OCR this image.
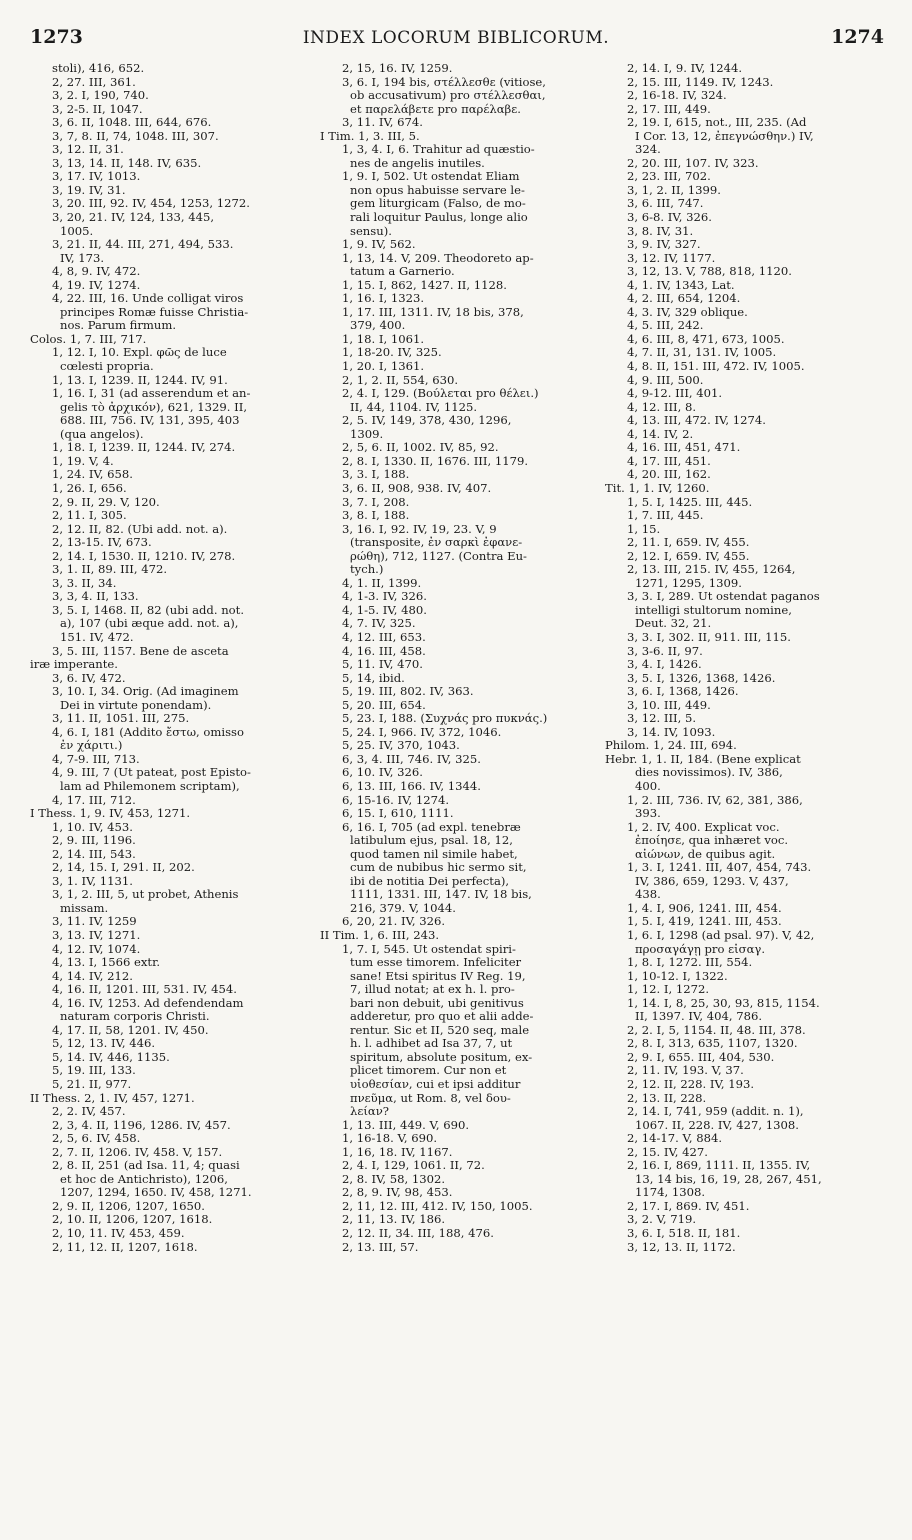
1273	INDEX LOCORUM BIBLICORUM.	1274
stoli), 416, 652.
2, 27. III, 361.
3, 2. I, 190, 740.
3, 2-5. II, 1047.
3, 6. II, 1048. III, 644, 676.
3, 7, 8. II, 74, 1048. III, 307.
3, 12. II, 31.
3, 13, 14. II, 148. IV, 635.
3, 17. IV, 1013.
3, 19. IV, 31.
3, 20. III, 92. IV, 454, 1253, 1272.
3, 20, 21. IV, 124, 133, 445,
1005.
3, 21. II, 44. III, 271, 494, 533.
IV, 173.
4, 8, 9. IV, 472.
4, 19. IV, 1274.
4, 22. III, 16. Unde colligat viros
principes Romæ fuisse Christia-
nos. Parum firmum.
Colos. 1, 7. III, 717.
1, 12. I, 10. Expl. φῶς de luce
cœlesti propria.
1, 13. I, 1239. II, 1244. IV, 91.
1, 16. I, 31 (ad asserendum et an-
gelis τὸ ἀρχικόν), 621, 1329. II,
688. III, 756. IV, 131, 395, 403
(qua angelos).
1, 18. I, 1239. II, 1244. IV, 274.
1, 19. V, 4.
1, 24. IV, 658.
1, 26. I, 656.
2, 9. II, 29. V, 120.
2, 11. I, 305.
2, 12. II, 82. (Ubi add. not. a).
2, 13-15. IV, 673.
2, 14. I, 1530. II, 1210. IV, 278.
3, 1. II, 89. III, 472.
3, 3. II, 34.
3, 3, 4. II, 133.
3, 5. I, 1468. II, 82 (ubi add. not.
a), 107 (ubi æque add. not. a),
151. IV, 472.
3, 5. III, 1157. Bene de asceta
iræ imperante.
3, 6. IV, 472.
3, 10. I, 34. Orig. (Ad imaginem
Dei in virtute ponendam).
3, 11. II, 1051. III, 275.
4, 6. I, 181 (Addito ἔστω, omisso
ἐν χάριτι.)
4, 7-9. III, 713.
4, 9. III, 7 (Ut pateat, post Episto-
lam ad Philemonem scriptam),
4, 17. III, 712.
I Thess. 1, 9. IV, 453, 1271.
1, 10. IV, 453.
2, 9. III, 1196.
2, 14. III, 543.
2, 14, 15. I, 291. II, 202.
3, 1. IV, 1131.
3, 1, 2. III, 5, ut probet, Athenis
missam.
3, 11. IV, 1259
3, 13. IV, 1271.
4, 12. IV, 1074.
4, 13. I, 1566 extr.
4, 14. IV, 212.
4, 16. II, 1201. III, 531. IV, 454.
4, 16. IV, 1253. Ad defendendam
naturam corporis Christi.
4, 17. II, 58, 1201. IV, 450.
5, 12, 13. IV, 446.
5, 14. IV, 446, 1135.
5, 19. III, 133.
5, 21. II, 977.
II Thess. 2, 1. IV, 457, 1271.
2, 2. IV, 457.
2, 3, 4. II, 1196, 1286. IV, 457.
2, 5, 6. IV, 458.
2, 7. II, 1206. IV, 458. V, 157.
2, 8. II, 251 (ad Isa. 11, 4; quasi
et hoc de Antichristo), 1206,
1207, 1294, 1650. IV, 458, 1271.
2, 9. II, 1206, 1207, 1650.
2, 10. II, 1206, 1207, 1618.
2, 10, 11. IV, 453, 459.
2, 11, 12. II, 1207, 1618.
2, 15, 16. IV, 1259.
3, 6. I, 194 bis, στέλλεσθε (vitiose,
ob accusativum) pro στέλλεσθαι,
et παρελάβετε pro παρέλαβε.
3, 11. IV, 674.
I Tim. 1, 3. III, 5.
1, 3, 4. I, 6. Trahitur ad quæstio-
nes de angelis inutiles.
1, 9. I, 502. Ut ostendat Eliam
non opus habuisse servare le-
gem liturgicam (Falso, de mo-
rali loquitur Paulus, longe alio
sensu).
1, 9. IV, 562.
1, 13, 14. V, 209. Theodoreto ap-
tatum a Garnerio.
1, 15. I, 862, 1427. II, 1128.
1, 16. I, 1323.
1, 17. III, 1311. IV, 18 bis, 378,
379, 400.
1, 18. I, 1061.
1, 18-20. IV, 325.
1, 20. I, 1361.
2, 1, 2. II, 554, 630.
2, 4. I, 129. (Βούλεται pro θέλει.)
II, 44, 1104. IV, 1125.
2, 5. IV, 149, 378, 430, 1296,
1309.
2, 5, 6. II, 1002. IV, 85, 92.
2, 8. I, 1330. II, 1676. III, 1179.
3, 3. I, 188.
3, 6. II, 908, 938. IV, 407.
3, 7. I, 208.
3, 8. I, 188.
3, 16. I, 92. IV, 19, 23. V, 9
(transposite, ἐν σαρκὶ ἐφανε-
ρώθη), 712, 1127. (Contra Eu-
tych.)
4, 1. II, 1399.
4, 1-3. IV, 326.
4, 1-5. IV, 480.
4, 7. IV, 325.
4, 12. III, 653.
4, 16. III, 458.
5, 11. IV, 470.
5, 14, ibid.
5, 19. III, 802. IV, 363.
5, 20. III, 654.
5, 23. I, 188. (Συχνάς pro πυκνάς.)
5, 24. I, 966. IV, 372, 1046.
5, 25. IV, 370, 1043.
6, 3, 4. III, 746. IV, 325.
6, 10. IV, 326.
6, 13. III, 166. IV, 1344.
6, 15-16. IV, 1274.
6, 15. I, 610, 1111.
6, 16. I, 705 (ad expl. tenebræ
latibulum ejus, psal. 18, 12,
quod tamen nil simile habet,
cum de nubibus hic sermo sit,
ibi de notitia Dei perfecta),
1111, 1331. III, 147. IV, 18 bis,
216, 379. V, 1044.
6, 20, 21. IV, 326.
II Tim. 1, 6. III, 243.
1, 7. I, 545. Ut ostendat spiri-
tum esse timorem. Infeliciter
sane! Etsi spiritus IV Reg. 19,
7, illud notat; at ex h. l. pro-
bari non debuit, ubi genitivus
adderetur, pro quo et alii adde-
rentur. Sic et II, 520 seq, male
h. l. adhibet ad Isa 37, 7, ut
spiritum, absolute positum, ex-
plicet timorem. Cur non et
υἱοθεσίαν, cui et ipsi additur
πνεῦμα, ut Rom. 8, vel δου-
λείαν?
1, 13. III, 449. V, 690.
1, 16-18. V, 690.
1, 16, 18. IV, 1167.
2, 4. I, 129, 1061. II, 72.
2, 8. IV, 58, 1302.
2, 8, 9. IV, 98, 453.
2, 11, 12. III, 412. IV, 150, 1005.
2, 11, 13. IV, 186.
2, 12. II, 34. III, 188, 476.
2, 13. III, 57.
2, 14. I, 9. IV, 1244.
2, 15. III, 1149. IV, 1243.
2, 16-18. IV, 324.
2, 17. III, 449.
2, 19. I, 615, not., III, 235. (Ad
I Cor. 13, 12, ἐπεγνώσθην.) IV,
324.
2, 20. III, 107. IV, 323.
2, 23. III, 702.
3, 1, 2. II, 1399.
3, 6. III, 747.
3, 6-8. IV, 326.
3, 8. IV, 31.
3, 9. IV, 327.
3, 12. IV, 1177.
3, 12, 13. V, 788, 818, 1120.
4, 1. IV, 1343, Lat.
4, 2. III, 654, 1204.
4, 3. IV, 329 oblique.
4, 5. III, 242.
4, 6. III, 8, 471, 673, 1005.
4, 7. II, 31, 131. IV, 1005.
4, 8. II, 151. III, 472. IV, 1005.
4, 9. III, 500.
4, 9-12. III, 401.
4, 12. III, 8.
4, 13. III, 472. IV, 1274.
4, 14. IV, 2.
4, 16. III, 451, 471.
4, 17. III, 451.
4, 20. III, 162.
Tit. 1, 1. IV, 1260.
1, 5. I, 1425. III, 445.
1, 7. III, 445.
1, 15.
2, 11. I, 659. IV, 455.
2, 12. I, 659. IV, 455.
2, 13. III, 215. IV, 455, 1264,
1271, 1295, 1309.
3, 3. I, 289. Ut ostendat paganos
intelligi stultorum nomine,
Deut. 32, 21.
3, 3. I, 302. II, 911. III, 115.
3, 3-6. II, 97.
3, 4. I, 1426.
3, 5. I, 1326, 1368, 1426.
3, 6. I, 1368, 1426.
3, 10. III, 449.
3, 12. III, 5.
3, 14. IV, 1093.
Philom. 1, 24. III, 694.
Hebr. 1, 1. II, 184. (Bene explicat
dies novissimos). IV, 386,
400.
1, 2. III, 736. IV, 62, 381, 386,
393.
1, 2. IV, 400. Explicat voc.
ἐποίησε, qua inhæret voc.
αἰώνων, de quibus agit.
1, 3. I, 1241. III, 407, 454, 743.
IV, 386, 659, 1293. V, 437,
438.
1, 4. I, 906, 1241. III, 454.
1, 5. I, 419, 1241. III, 453.
1, 6. I, 1298 (ad psal. 97). V, 42,
προσαγάγῃ pro εἰσαγ.
1, 8. I, 1272. III, 554.
1, 10-12. I, 1322.
1, 12. I, 1272.
1, 14. I, 8, 25, 30, 93, 815, 1154.
II, 1397. IV, 404, 786.
2, 2. I, 5, 1154. II, 48. III, 378.
2, 8. I, 313, 635, 1107, 1320.
2, 9. I, 655. III, 404, 530.
2, 11. IV, 193. V, 37.
2, 12. II, 228. IV, 193.
2, 13. II, 228.
2, 14. I, 741, 959 (addit. n. 1),
1067. II, 228. IV, 427, 1308.
2, 14-17. V, 884.
2, 15. IV, 427.
2, 16. I, 869, 1111. II, 1355. IV,
13, 14 bis, 16, 19, 28, 267, 451,
1174, 1308.
2, 17. I, 869. IV, 451.
3, 2. V, 719.
3, 6. I, 518. II, 181.
3, 12, 13. II, 1172.
